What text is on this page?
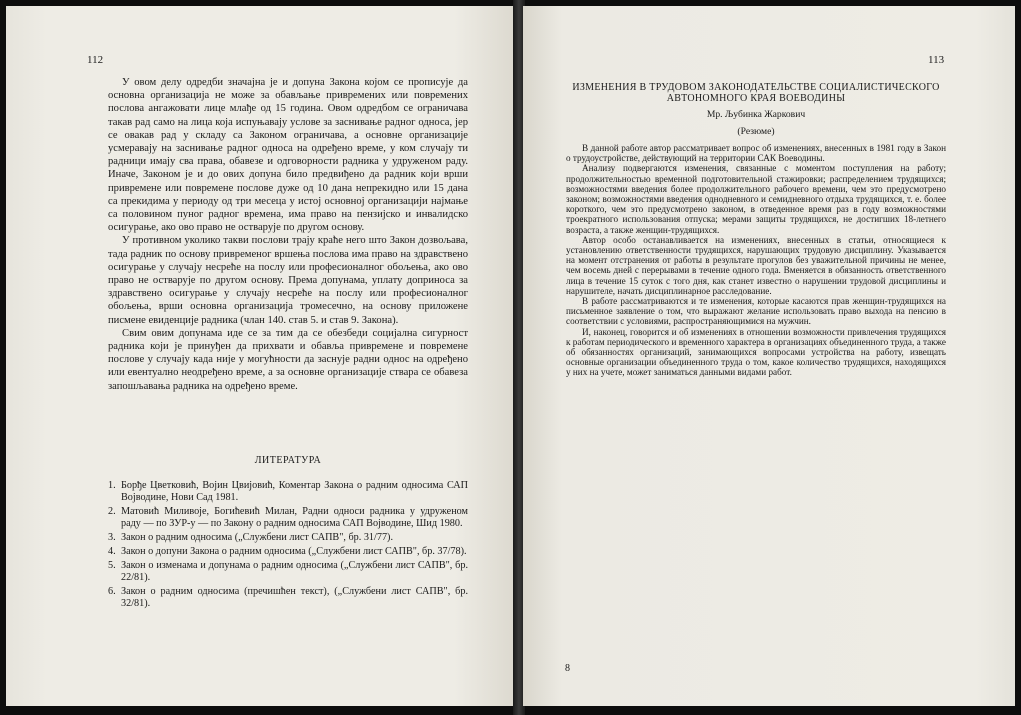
112

У овом делу одредби значајна је и допуна Закона којом се прописује да основна организација не може за обављање привремених или повремених послова ангажовати лице млађе од 15 година. Овом одредбом се ограничава такав рад само на лица која испуњавају услове за заснивање радног односа, јер се овакав рад у складу са Законом ограничава, а основне организације усмеравају на заснивање радног односа на одређено време, у ком случају ти радници имају сва права, обавезе и одговорности радника у удруженом раду. Иначе, Законом је и до ових допуна било предвиђено да радник који врши привремене или повремене послове дуже од 10 дана непрекидно или 15 дана са прекидима у периоду од три месеца у истој основној организацији најмање са половином пуног радног времена, има право на пензијско и инвалидско осигурање, ако ово право не остварује по другом основу.

У противном уколико такви послови трају краће него што Закон дозвољава, тада радник по основу привременог вршења послова има право на здравствено осигурање у случају несреће на послу или професионалног обољења, ако ово право не остварује по другом основу. Према допунама, уплату доприноса за здравствено осигурање у случају несреће на послу или професионалног обољења, врши основна организација тромесечно, на основу приложене писмене евиденције радника (члан 140. став 5. и став 9. Закона).

Свим овим допунама иде се за тим да се обезбеди социјална сигурност радника који је принуђен да прихвати и обавља привремене и повремене послове у случају када није у могућности да заснује радни однос на одређено или евентуално неодређено време, а за основне организације ствара се обавеза запошљавања радника на одређено време.

ЛИТЕРАТУРА
1. Борђе Цветковић, Војин Цвијовић, Коментар Закона о радним односима САП Војводине, Нови Сад 1981.
2. Матовић Миливоје, Богићевић Милан, Радни односи радника у удруженом раду — по ЗУР-у — по Закону о радним односима САП Војводине, Шид 1980.
3. Закон о радним односима („Службени лист САПВ", бр. 31/77).
4. Закон о допуни Закона о радним односима („Службени лист САПВ", бр. 37/78).
5. Закон о изменама и допунама о радним односима („Службени лист САПВ", бр. 22/81).
6. Закон о радним односима (пречишћен текст), („Службени лист САПВ", бр. 32/81).
113
ИЗМЕНЕНИЯ В ТРУДОВОМ ЗАКОНОДАТЕЛЬСТВЕ СОЦИАЛИСТИЧЕСКОГО
АВТОНОМНОГО КРАЯ ВОЕВОДИНЫ
Мр. Љубинка Жаркович
(Резюме)

В данной работе автор рассматривает вопрос об изменениях, внесенных в 1981 году в Закон о трудоустройстве, действующий на территории САК Воеводины.

Анализу подвергаются изменения, связанные с моментом поступления на работу; продолжительностью временной подготовительной стажировки; распределением трудящихся; возможностями введения более продолжительного рабочего времени, чем это предусмотрено законом; возможностями введения однодневного и семидневного отдыха трудящихся, т. е. более короткого, чем это предусмотрено законом, в отведенное время раз в году возможностями троекратного использования отпуска; мерами защиты трудящихся, не достигших 18-летнего возраста, а также женщин-трудящихся.

Автор особо останавливается на изменениях, внесенных в статьи, относящиеся к установлению ответственности трудящихся, нарушающих трудовую дисциплину. Указывается на момент отстранения от работы в результате прогулов без уважительной причины не менее, чем восемь дней с перерывами в течение одного года. Вменяется в обязанность ответственного лица в течение 15 суток с того дня, как станет известно о нарушении трудовой дисциплины и нарушителе, начать дисциплинарное расследование.

В работе рассматриваются и те изменения, которые касаются прав женщин-трудящихся на письменное заявление о том, что выражают желание использовать право выхода на пенсию в соответствии с условиями, распространяющимися на мужчин.

И, наконец, говорится и об изменениях в отношении возможности привлечения трудящихся к работам периодического и временного характера в организациях объединенного труда, а также об обязанностях организаций, занимающихся вопросами устройства на работу, извещать основные организации объединенного труда о том, какое количество трудящихся, находящихся у них на учете, может заниматься данными видами работ.

8
